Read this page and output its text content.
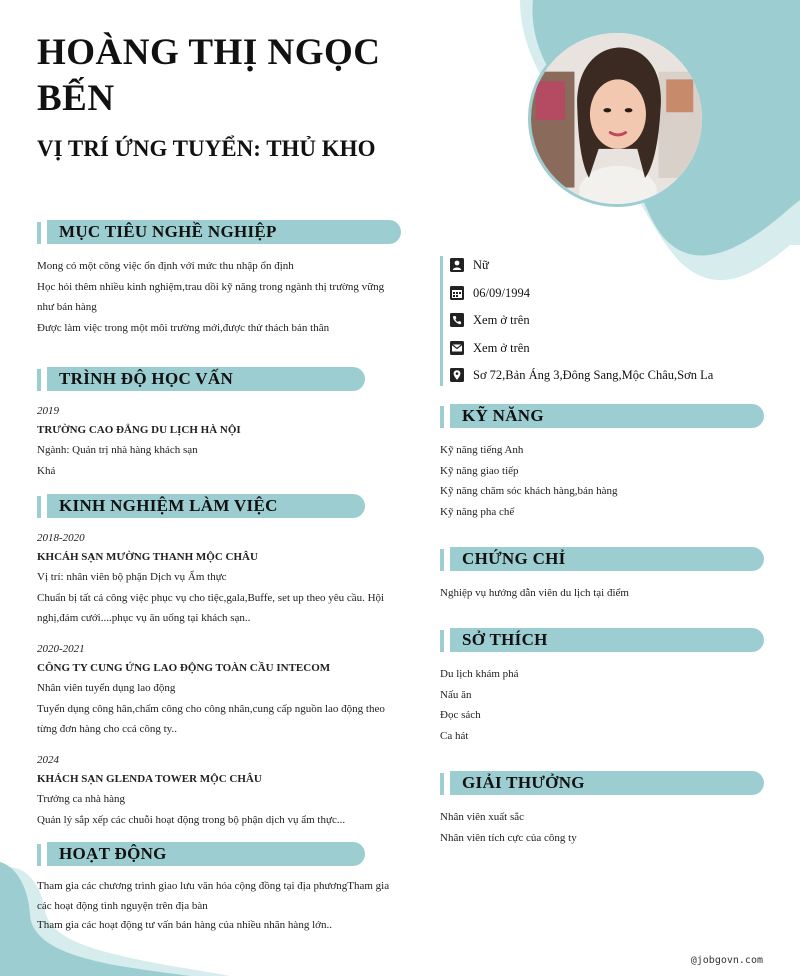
HOÀNG THỊ NGỌC BẾN
VỊ TRÍ ỨNG TUYỂN: THỦ KHO
MỤC TIÊU NGHỀ NGHIỆP
Mong có một công việc ổn định với mức thu nhập ổn định
Học hỏi thêm nhiều kinh nghiệm,trau dồi kỹ năng trong ngành thị trường vững
như bán hàng
Được làm việc trong một môi trường mới,được thử thách bản thân
TRÌNH ĐỘ HỌC VẤN
2019
TRƯỜNG CAO ĐẲNG DU LỊCH HÀ NỘI
Ngành: Quản trị nhà hàng khách sạn
Khá
KINH NGHIỆM LÀM VIỆC
2018-2020
KHCÁH SẠN MƯỜNG THANH MỘC CHÂU
Vị trí: nhân viên bộ phận Dịch vụ Ẩm thực
Chuẩn bị tất cả công việc phục vụ cho tiệc,gala,Buffe, set up theo yêu cầu. Hội
nghị,đám cưới....phục vụ ăn uống tại khách sạn..
2020-2021
CÔNG TY CUNG ỨNG LAO ĐỘNG TOÀN CẦU INTECOM
Nhân viên tuyển dụng lao động
Tuyển dụng công hân,chấm công cho công nhân,cung cấp nguồn lao động theo
từng đơn hàng cho ccá công ty..
2024
KHÁCH SẠN GLENDA TOWER MỘC CHÂU
Trưởng ca nhà hàng
Quản lý sắp xếp các chuỗi hoạt động trong bộ phận dịch vụ ẩm thực...
HOẠT ĐỘNG
Tham gia các chương trình giao lưu văn hóa cộng đồng tại địa phươngTham gia
các hoạt động tình nguyện trên địa bàn
Tham gia các hoạt động tư vấn bán hàng của nhiều nhãn hàng lớn..
Nữ
06/09/1994
Xem ở trên
Xem ở trên
Sơ 72,Bản Áng 3,Đông Sang,Mộc Châu,Sơn La
KỸ NĂNG
Kỹ năng tiếng Anh
Kỹ năng giao tiếp
Kỹ năng chăm sóc khách hàng,bán hàng
Kỹ năng pha chế
CHỨNG CHỈ
Nghiệp vụ hướng dẫn viên du lịch tại điểm
SỞ THÍCH
Du lịch khám phá
Nấu ăn
Đọc sách
Ca hát
GIẢI THƯỞNG
Nhân viên xuất sắc
Nhân viên tích cực của công ty
@jobgovn.com
